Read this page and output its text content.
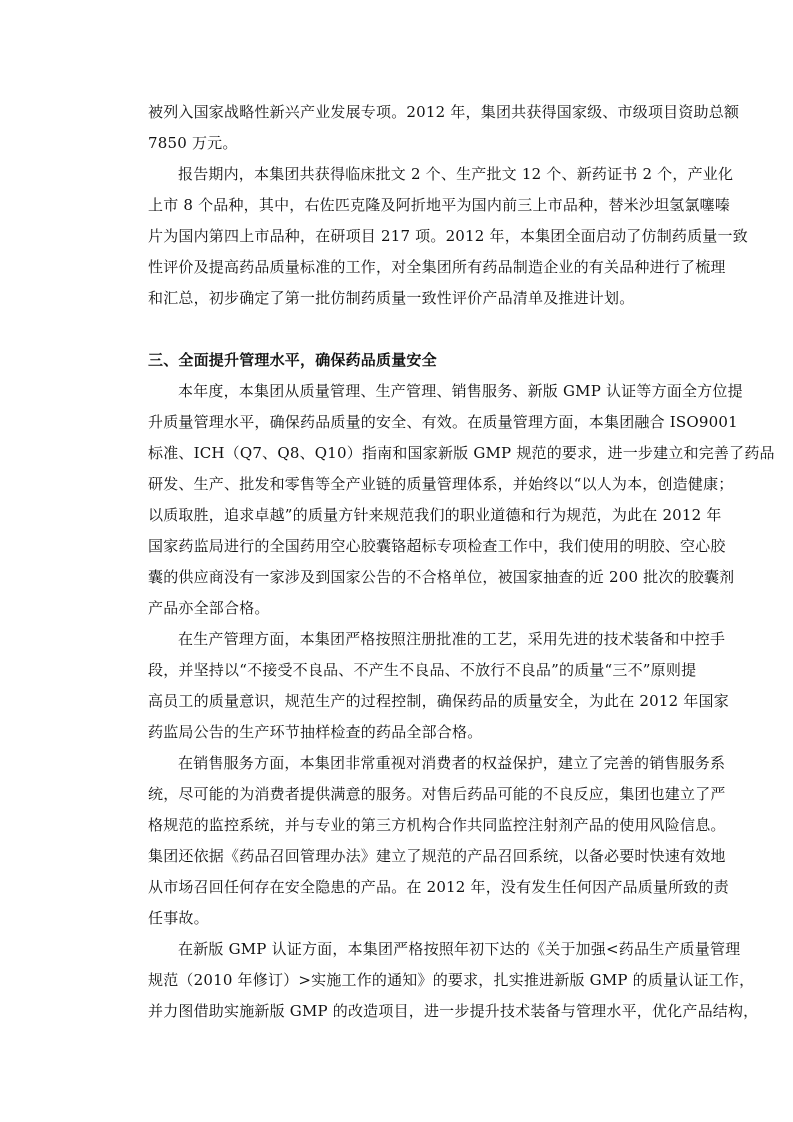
被列入国家战略性新兴产业发展专项。2012 年，集团共获得国家级、市级项目资助总额
7850 万元。
报告期内，本集团共获得临床批文 2 个、生产批文 12 个、新药证书 2 个，产业化
上市 8 个品种，其中，右佐匹克隆及阿折地平为国内前三上市品种，替米沙坦氢氯噻嗪
片为国内第四上市品种，在研项目 217 项。2012 年，本集团全面启动了仿制药质量一致
性评价及提高药品质量标准的工作，对全集团所有药品制造企业的有关品种进行了梳理
和汇总，初步确定了第一批仿制药质量一致性评价产品清单及推进计划。
三、全面提升管理水平，确保药品质量安全
本年度，本集团从质量管理、生产管理、销售服务、新版 GMP 认证等方面全方位提
升质量管理水平，确保药品质量的安全、有效。在质量管理方面，本集团融合 ISO9001
标准、ICH（Q7、Q8、Q10）指南和国家新版 GMP 规范的要求，进一步建立和完善了药品
研发、生产、批发和零售等全产业链的质量管理体系，并始终以“以人为本，创造健康；
以质取胜，追求卓越”的质量方针来规范我们的职业道德和行为规范，为此在 2012 年
国家药监局进行的全国药用空心胶囊铬超标专项检查工作中，我们使用的明胶、空心胶
囊的供应商没有一家涉及到国家公告的不合格单位，被国家抽查的近 200 批次的胶囊剂
产品亦全部合格。
在生产管理方面，本集团严格按照注册批准的工艺，采用先进的技术装备和中控手
段，并坚持以“不接受不良品、不产生不良品、不放行不良品”的质量“三不”原则提
高员工的质量意识，规范生产的过程控制，确保药品的质量安全，为此在 2012 年国家
药监局公告的生产环节抽样检查的药品全部合格。
在销售服务方面，本集团非常重视对消费者的权益保护，建立了完善的销售服务系
统，尽可能的为消费者提供满意的服务。对售后药品可能的不良反应，集团也建立了严
格规范的监控系统，并与专业的第三方机构合作共同监控注射剂产品的使用风险信息。
集团还依据《药品召回管理办法》建立了规范的产品召回系统，以备必要时快速有效地
从市场召回任何存在安全隐患的产品。在 2012 年，没有发生任何因产品质量所致的责
任事故。
在新版 GMP 认证方面，本集团严格按照年初下达的《关于加强<药品生产质量管理
规范（2010 年修订）>实施工作的通知》的要求，扎实推进新版 GMP 的质量认证工作，
并力图借助实施新版 GMP 的改造项目，进一步提升技术装备与管理水平，优化产品结构，
